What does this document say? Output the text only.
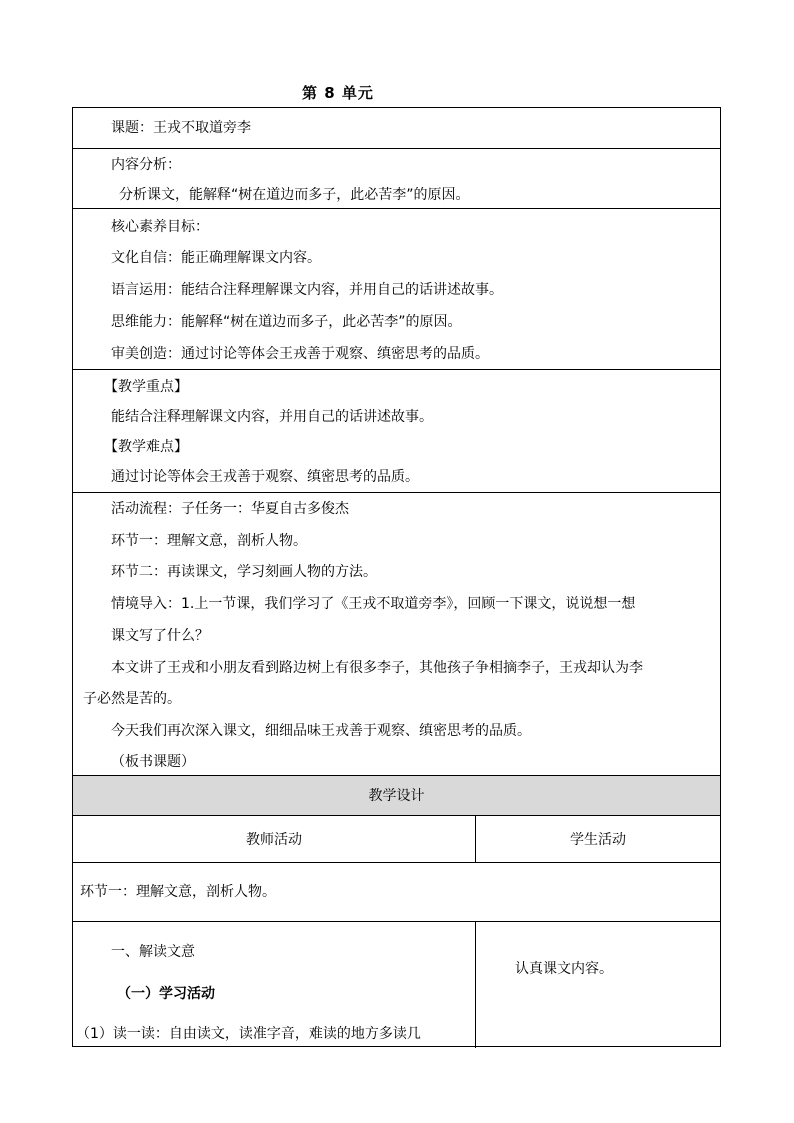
第 8 单元
课题：王戎不取道旁李
内容分析：
分析课文，能解释“树在道边而多子，此必苦李”的原因。
核心素养目标：
文化自信：能正确理解课文内容。
语言运用：能结合注释理解课文内容，并用自己的话讲述故事。
思维能力：能解释“树在道边而多子，此必苦李”的原因。
审美创造：通过讨论等体会王戎善于观察、缜密思考的品质。
【教学重点】
能结合注释理解课文内容，并用自己的话讲述故事。
【教学难点】
通过讨论等体会王戎善于观察、缜密思考的品质。
活动流程：子任务一：华夏自古多俊杰
环节一：理解文意，剖析人物。
环节二：再读课文，学习刻画人物的方法。
情境导入：1.上一节课，我们学习了《王戎不取道旁李》，回顾一下课文，说说想一想
课文写了什么？
本文讲了王戎和小朋友看到路边树上有很多李子，其他孩子争相摘李子，王戎却认为李
子必然是苦的。
今天我们再次深入课文，细细品味王戎善于观察、缜密思考的品质。
（板书课题）
教学设计
教师活动	学生活动
环节一：理解文意，剖析人物。
一、解读文意
（一）学习活动
（1）读一读：自由读文，读准字音，难读的地方多读几
认真课文内容。
